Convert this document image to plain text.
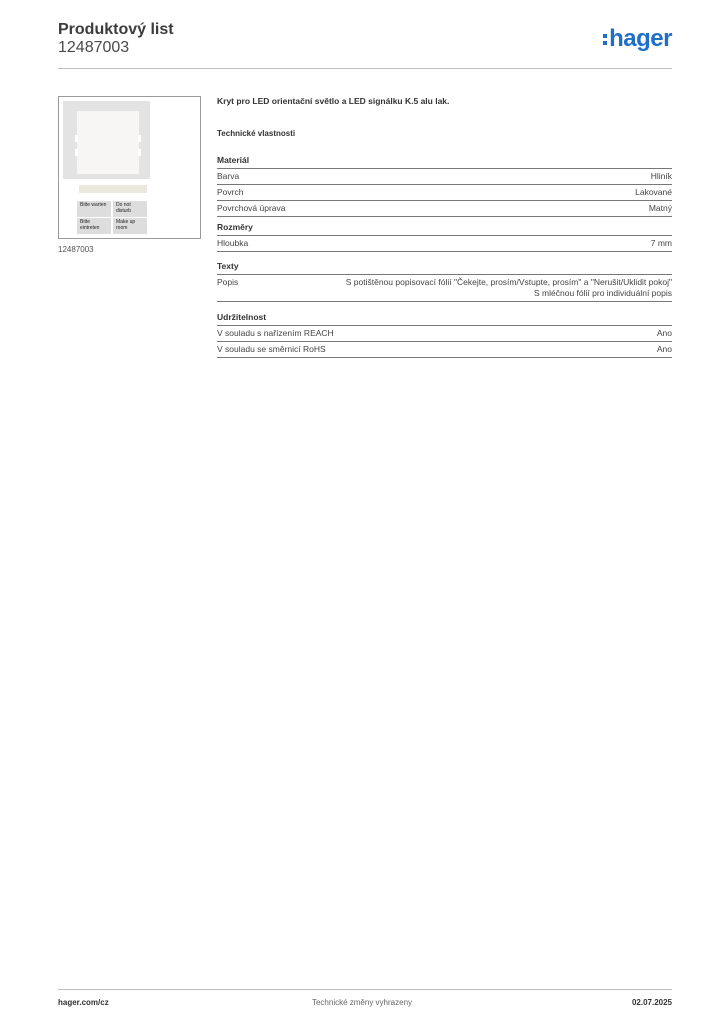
Produktový list
12487003	hager
Bitte warten	Do not disturb
Bitte eintreten
Make up room
12487003
Kryt pro LED orientační světlo a LED signálku K.5 alu lak.
Technické vlastnosti
Materiál
Barva	Hliník
Povrch	Lakované
Povrchová úprava	Matný
Rozměry
Hloubka	7 mm
Texty
Popis	S potištěnou popisovací fólií "Čekejte, prosím/Vstupte, prosím" a "Nerušit/Uklidit pokoj"
S mléčnou fólií pro individuální popis
Udržitelnost
V souladu s nařízením REACH	Ano
V souladu se směrnicí RoHS	Ano
hager.com/cz	Technické změny vyhrazeny	02.07.2025
